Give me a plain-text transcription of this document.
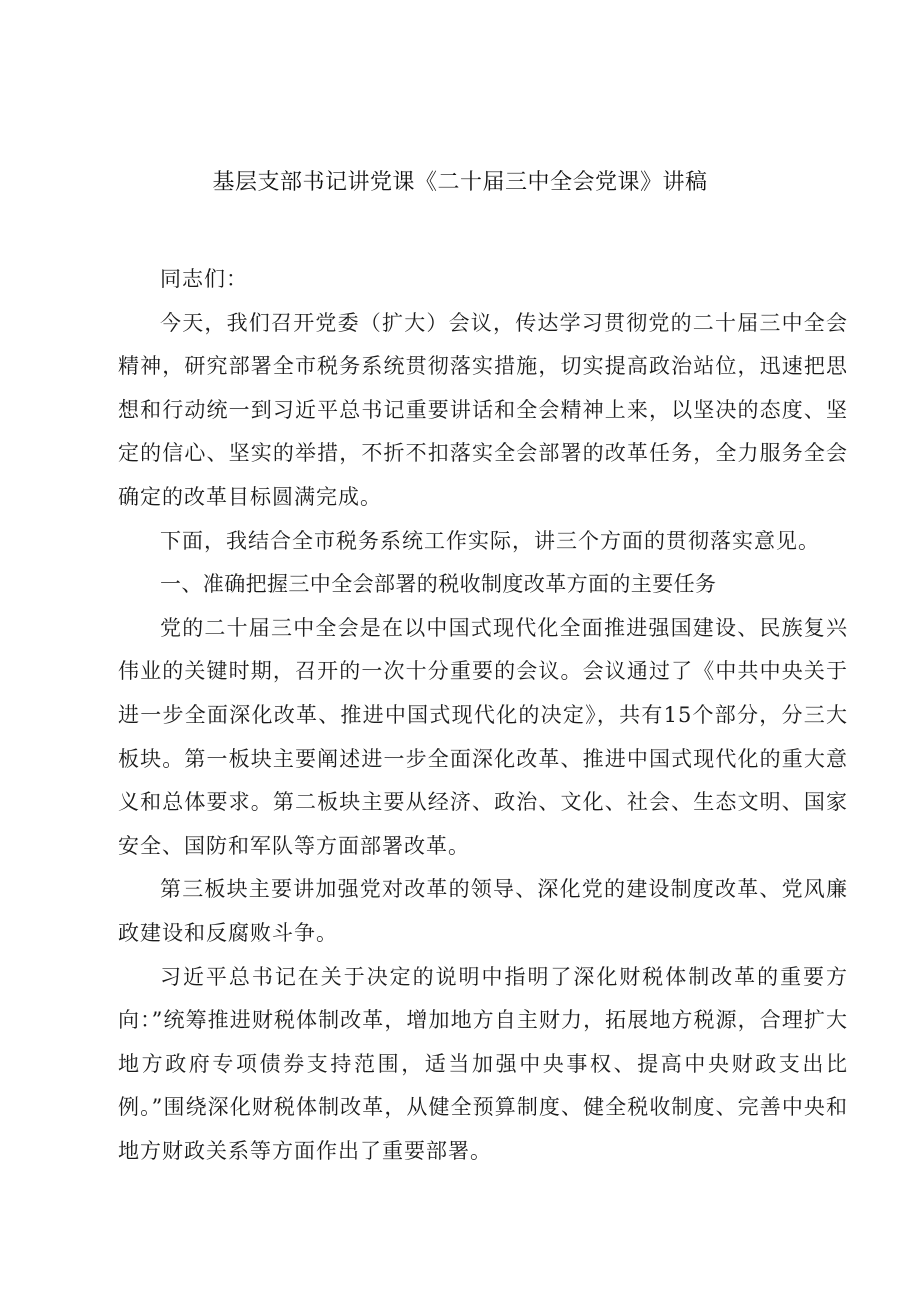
基层支部书记讲党课《二十届三中全会党课》讲稿

同志们：

今天，我们召开党委（扩大）会议，传达学习贯彻党的二十届三中全会精神，研究部署全市税务系统贯彻落实措施，切实提高政治站位，迅速把思想和行动统一到习近平总书记重要讲话和全会精神上来，以坚决的态度、坚定的信心、坚实的举措，不折不扣落实全会部署的改革任务，全力服务全会确定的改革目标圆满完成。

下面，我结合全市税务系统工作实际，讲三个方面的贯彻落实意见。

一、准确把握三中全会部署的税收制度改革方面的主要任务

党的二十届三中全会是在以中国式现代化全面推进强国建设、民族复兴伟业的关键时期，召开的一次十分重要的会议。会议通过了《中共中央关于进一步全面深化改革、推进中国式现代化的决定》，共有15个部分，分三大板块。第一板块主要阐述进一步全面深化改革、推进中国式现代化的重大意义和总体要求。第二板块主要从经济、政治、文化、社会、生态文明、国家安全、国防和军队等方面部署改革。

第三板块主要讲加强党对改革的领导、深化党的建设制度改革、党风廉政建设和反腐败斗争。

习近平总书记在关于决定的说明中指明了深化财税体制改革的重要方向：”统筹推进财税体制改革，增加地方自主财力，拓展地方税源，合理扩大地方政府专项债券支持范围，适当加强中央事权、提高中央财政支出比例。”围绕深化财税体制改革，从健全预算制度、健全税收制度、完善中央和地方财政关系等方面作出了重要部署。
